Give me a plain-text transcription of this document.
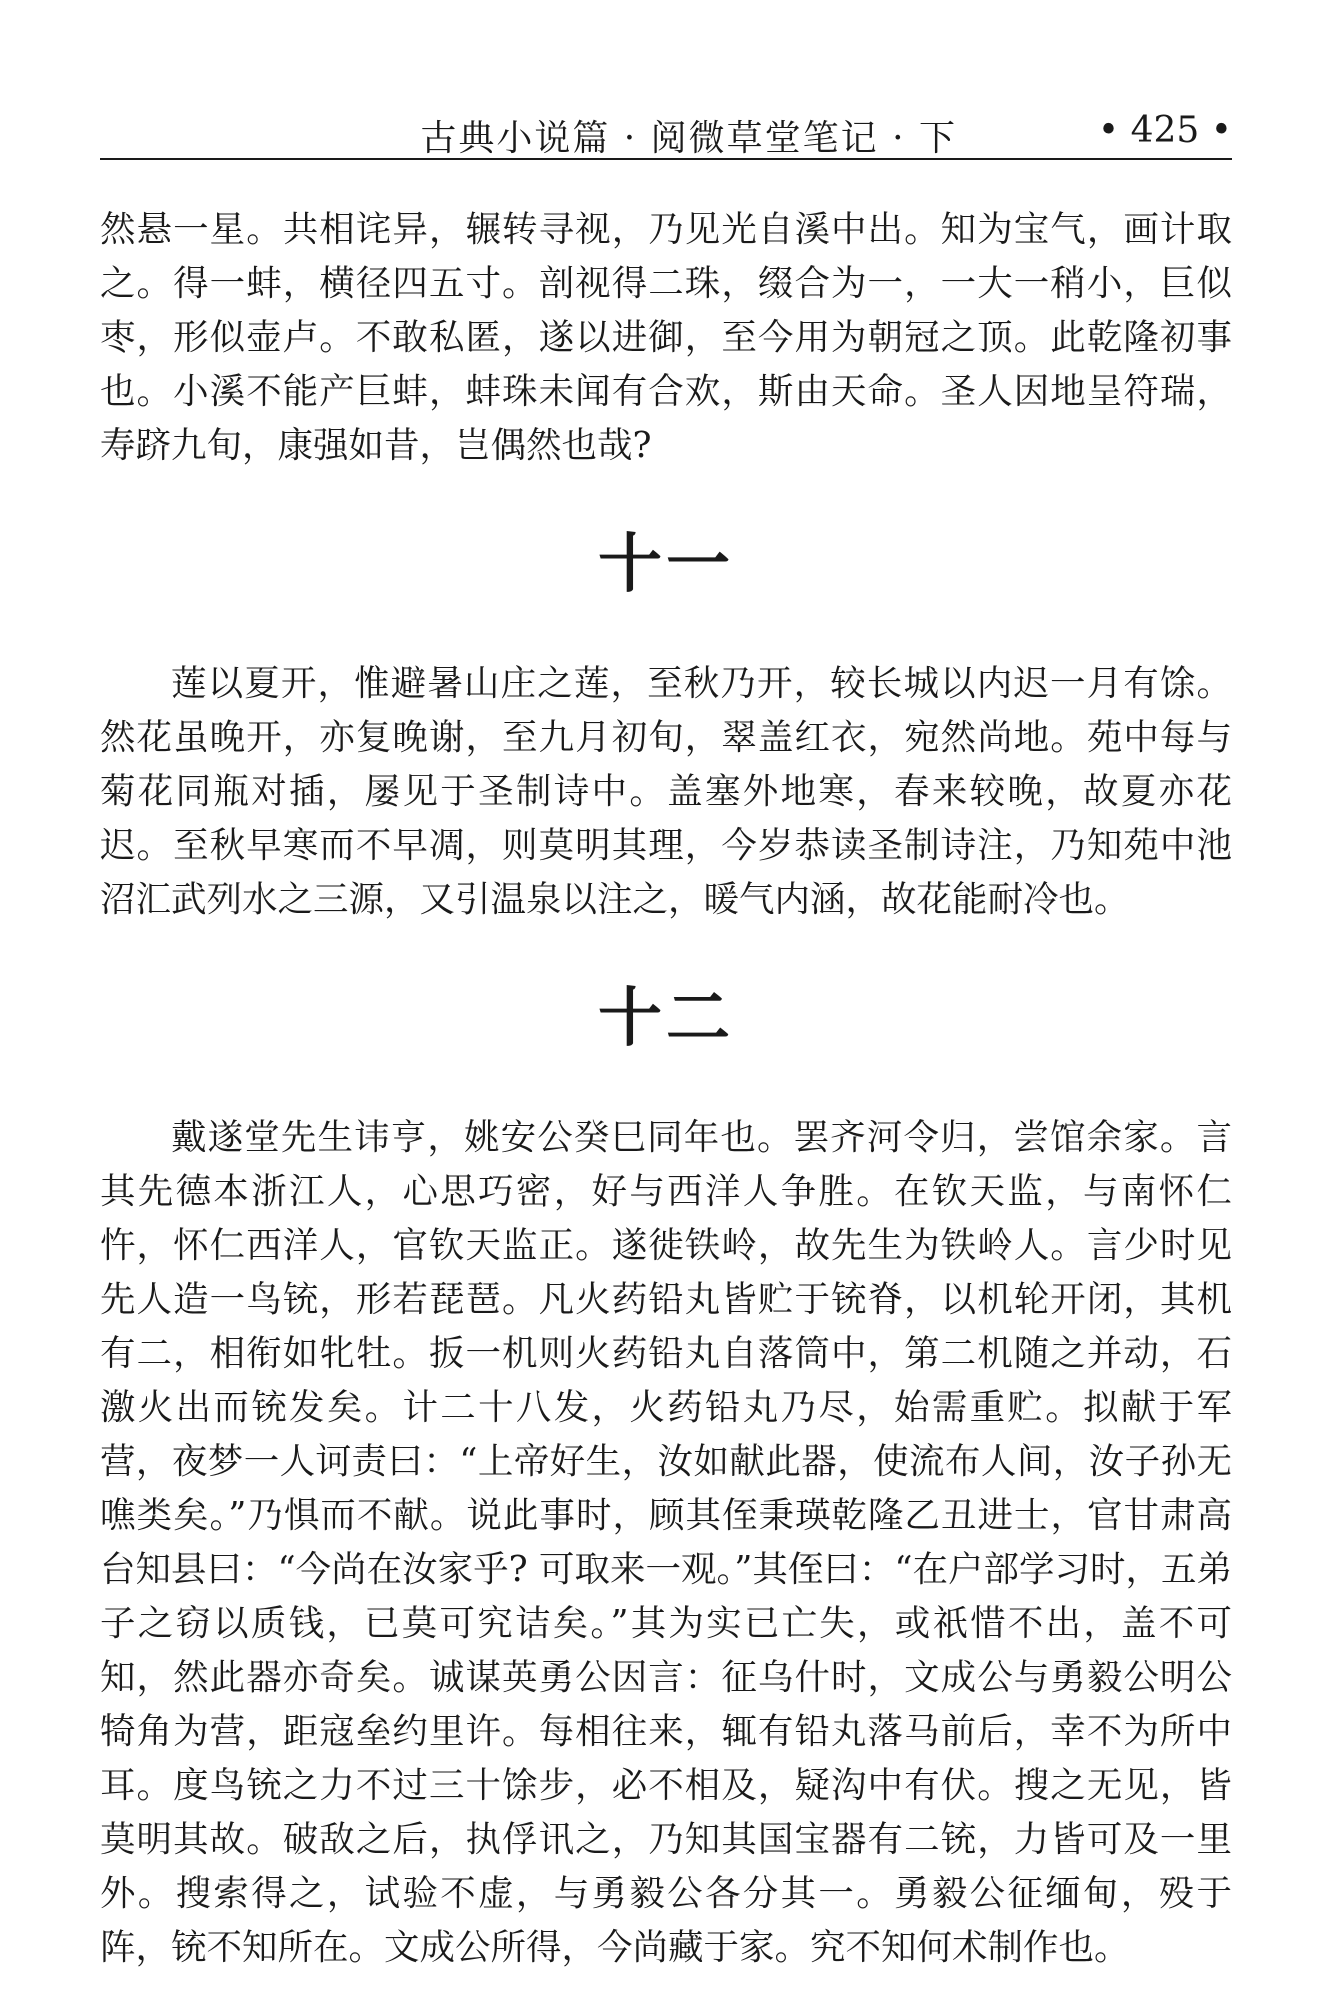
古典小说篇 · 阅微草堂笔记 · 下	• 425 •

然悬一星。共相诧异，辗转寻视，乃见光自溪中出。知为宝气，画计取之。得一蚌，横径四五寸。剖视得二珠，缀合为一，一大一稍小，巨似枣，形似壶卢。不敢私匿，遂以进御，至今用为朝冠之顶。此乾隆初事也。小溪不能产巨蚌，蚌珠未闻有合欢，斯由天命。圣人因地呈符瑞，寿跻九旬，康强如昔，岂偶然也哉?

十一

莲以夏开，惟避暑山庄之莲，至秋乃开，较长城以内迟一月有馀。然花虽晚开，亦复晚谢，至九月初旬，翠盖红衣，宛然尚地。苑中每与菊花同瓶对插，屡见于圣制诗中。盖塞外地寒，春来较晚，故夏亦花迟。至秋早寒而不早凋，则莫明其理，今岁恭读圣制诗注，乃知苑中池沼汇武列水之三源，又引温泉以注之，暖气内涵，故花能耐冷也。

十二

戴遂堂先生讳亨，姚安公癸巳同年也。罢齐河令归，尝馆余家。言其先德本浙江人，心思巧密，好与西洋人争胜。在钦天监，与南怀仁忤，怀仁西洋人，官钦天监正。遂徙铁岭，故先生为铁岭人。言少时见先人造一鸟铳，形若琵琶。凡火药铅丸皆贮于铳脊，以机轮开闭，其机有二，相衔如牝牡。扳一机则火药铅丸自落筒中，第二机随之并动，石激火出而铳发矣。计二十八发，火药铅丸乃尽，始需重贮。拟献于军营，夜梦一人诃责曰：“上帝好生，汝如献此器，使流布人间，汝子孙无噍类矣。”乃惧而不献。说此事时，顾其侄秉瑛乾隆乙丑进士，官甘肃高台知县曰：“今尚在汝家乎? 可取来一观。”其侄曰：“在户部学习时，五弟子之窃以质钱，已莫可究诘矣。”其为实已亡失，或祇惜不出，盖不可知，然此器亦奇矣。诚谋英勇公因言：征乌什时，文成公与勇毅公明公犄角为营，距寇垒约里许。每相往来，辄有铅丸落马前后，幸不为所中耳。度鸟铳之力不过三十馀步，必不相及，疑沟中有伏。搜之无见，皆莫明其故。破敌之后，执俘讯之，乃知其国宝器有二铳，力皆可及一里外。搜索得之，试验不虚，与勇毅公各分其一。勇毅公征缅甸，殁于阵，铳不知所在。文成公所得，今尚藏于家。究不知何术制作也。
